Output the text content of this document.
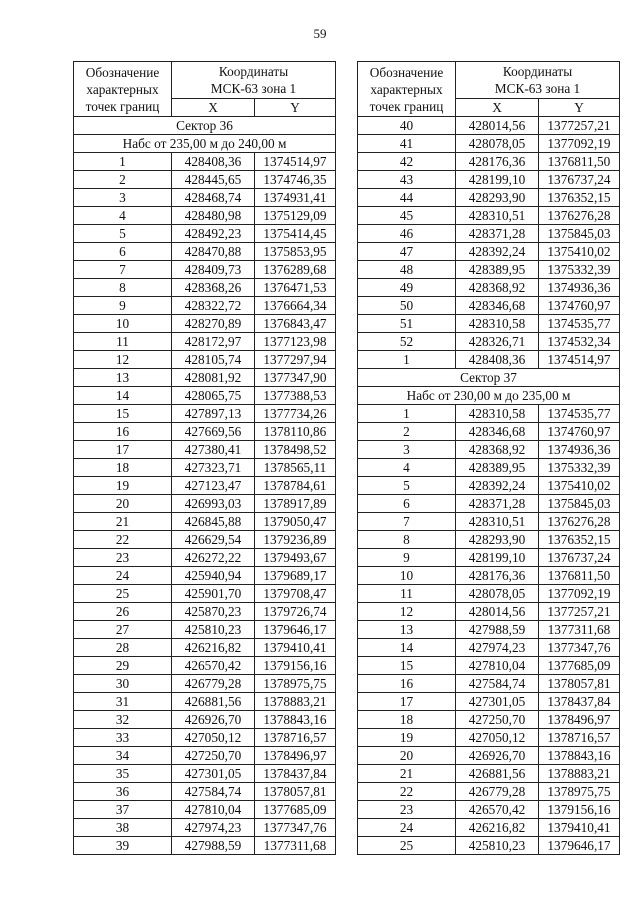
59
Обозначение
характерных
точек границ	Координаты
МСК-63 зона 1	
	X	Y
Сектор 36		
Набс от 235,00 м до 240,00 м		
1	428408,36	1374514,97
2	428445,65	1374746,35
3	428468,74	1374931,41
4	428480,98	1375129,09
5	428492,23	1375414,45
6	428470,88	1375853,95
7	428409,73	1376289,68
8	428368,26	1376471,53
9	428322,72	1376664,34
10	428270,89	1376843,47
11	428172,97	1377123,98
12	428105,74	1377297,94
13	428081,92	1377347,90
14	428065,75	1377388,53
15	427897,13	1377734,26
16	427669,56	1378110,86
17	427380,41	1378498,52
18	427323,71	1378565,11
19	427123,47	1378784,61
20	426993,03	1378917,89
21	426845,88	1379050,47
22	426629,54	1379236,89
23	426272,22	1379493,67
24	425940,94	1379689,17
25	425901,70	1379708,47
26	425870,23	1379726,74
27	425810,23	1379646,17
28	426216,82	1379410,41
29	426570,42	1379156,16
30	426779,28	1378975,75
31	426881,56	1378883,21
32	426926,70	1378843,16
33	427050,12	1378716,57
34	427250,70	1378496,97
35	427301,05	1378437,84
36	427584,74	1378057,81
37	427810,04	1377685,09
38	427974,23	1377347,76
39	427988,59	1377311,68
Обозначение
характерных
точек границ	Координаты
МСК-63 зона 1	
	X	Y
40	428014,56	1377257,21
41	428078,05	1377092,19
42	428176,36	1376811,50
43	428199,10	1376737,24
44	428293,90	1376352,15
45	428310,51	1376276,28
46	428371,28	1375845,03
47	428392,24	1375410,02
48	428389,95	1375332,39
49	428368,92	1374936,36
50	428346,68	1374760,97
51	428310,58	1374535,77
52	428326,71	1374532,34
1	428408,36	1374514,97
Сектор 37		
Набс от 230,00 м до 235,00 м		
1	428310,58	1374535,77
2	428346,68	1374760,97
3	428368,92	1374936,36
4	428389,95	1375332,39
5	428392,24	1375410,02
6	428371,28	1375845,03
7	428310,51	1376276,28
8	428293,90	1376352,15
9	428199,10	1376737,24
10	428176,36	1376811,50
11	428078,05	1377092,19
12	428014,56	1377257,21
13	427988,59	1377311,68
14	427974,23	1377347,76
15	427810,04	1377685,09
16	427584,74	1378057,81
17	427301,05	1378437,84
18	427250,70	1378496,97
19	427050,12	1378716,57
20	426926,70	1378843,16
21	426881,56	1378883,21
22	426779,28	1378975,75
23	426570,42	1379156,16
24	426216,82	1379410,41
25	425810,23	1379646,17
